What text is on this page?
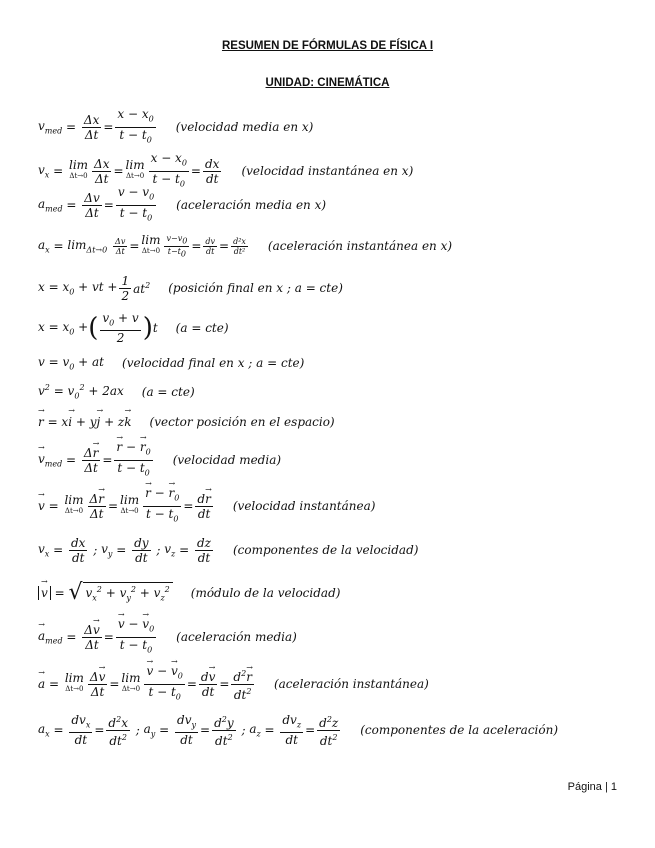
RESUMEN DE FÓRMULAS DE FÍSICA I
UNIDAD: CINEMÁTICA
$v_{med} = \frac{\Delta x}{\Delta t} = \frac{x - x_0}{t - t_0}$ (velocidad media en x)
$v_x = \lim$
$\Delta t\to 0 \frac{\Delta x}{\Delta t} = \lim$
$\Delta t\to 0 \frac{x - x_0}{t - t_0} = \frac{dx}{dt}$ (velocidad instantánea en x)
$a_{med} = \frac{\Delta v}{\Delta t} = \frac{v - v_0}{t - t_0}$ (aceleración media en x)
$a_x = \lim_{\Delta t\to 0}$
$\frac{\Delta v}{\Delta t} = \lim$
$\Delta t\to 0 \frac{v-v_0}{t-t_0} = \frac{dv}{dt} = \frac{\text{d²x}}{\text{dt²}}$ (aceleración instantánea en x)
$x = x_0$ + vt + $\frac{1}{2} at^2$ (posición final en x ; a = cte)
$x = x_0$ + ( $\frac{v_0 + v}{2}$ ) t (a = cte)
$v = v_0$ + at (velocidad final en x ; a = cte)
$v^2 = v_0^2 + 2ax$ (a = cte)
→ r = x→ i + y→ j + z→ k (vector posición en el espacio)
→ $v_{med} = \frac{\Delta\to r}{\Delta t}$ =
→ $\frac{r - \to r_0}{t - t_0}$ (velocidad media)
→ v = lim
$\Delta t\to 0 \frac{\Delta\to r}{\Delta t} = \lim$
Δt→0
→ $\frac{r - \to r_0}{t - t_0} = \frac{d\to r}{dt}$ (velocidad instantánea)
$v_x = \frac{dx}{dt}$ ; $v_y = \frac{dy}{dt}$ ; $v_z = \frac{dz}{dt}$ (componentes de la velocidad)
→ v = √ $v_x^2 + v_y^2 + v_z^2$ (módulo de la velocidad)
→ $a_{med} = \frac{\Delta\to v}{\Delta t}$ =
→ $\frac{v - \to v_0}{t - t_0}$ (aceleración media)
→ a = lim
$\Delta t\to 0 \frac{\Delta\to v}{\Delta t} = \lim$
Δt→0
→ $\frac{v - \to v_0}{t - t_0} = \frac{d\to v}{dt} = \frac{d^2\to r}{dt^2}$ (aceleración instantánea)
$a_x = \frac{dv_x}{dt} = \frac{d^2x}{dt^2}$ ; $a_y = \frac{dv_y}{dt} = \frac{d^2y}{dt^2}$ ; $a_z = \frac{dv_z}{dt} = \frac{d^2z}{dt^2}$ (componentes de la aceleración)
Página | 1
